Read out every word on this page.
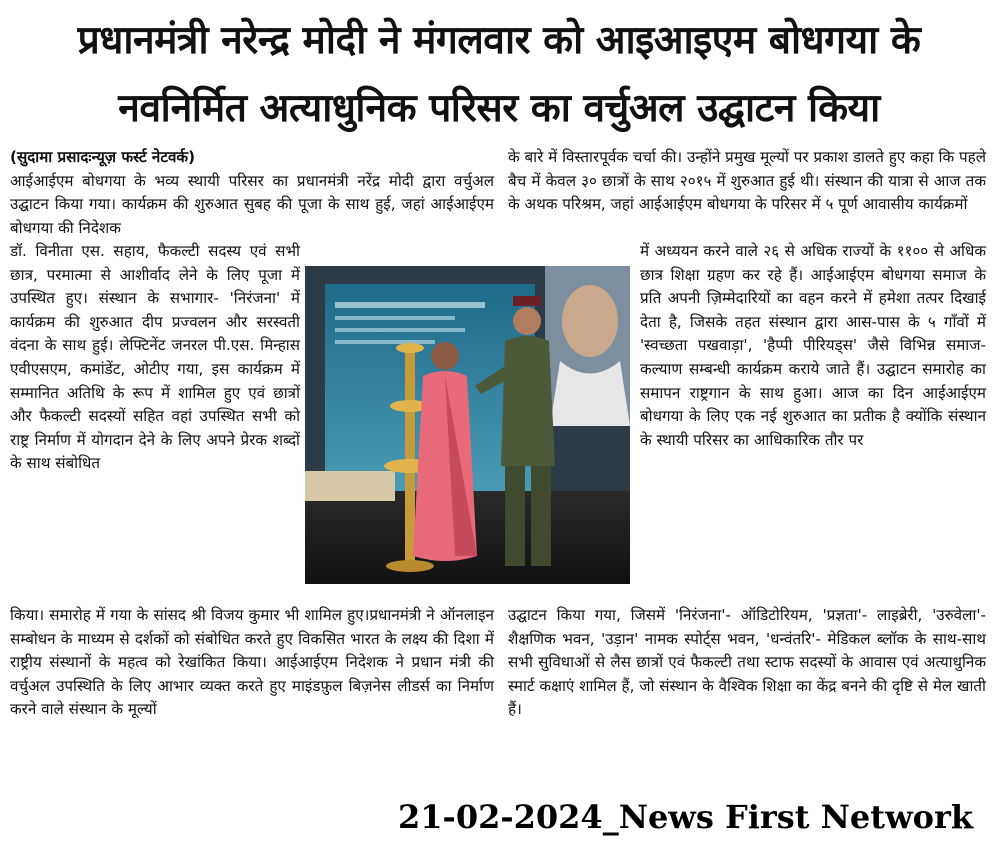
प्रधानमंत्री नरेन्द्र मोदी ने मंगलवार को आइआइएम बोधगया के
नवनिर्मित अत्याधुनिक परिसर का वर्चुअल उद्घाटन किया

(सुदामा प्रसादःन्यूज़ फर्स्ट नेटवर्क)

आईआईएम बोधगया के भव्य स्थायी परिसर का प्रधानमंत्री नरेंद्र मोदी द्वारा वर्चुअल उद्घाटन किया गया। कार्यक्रम की शुरुआत सुबह की पूजा के साथ हुई, जहां आईआईएम बोधगया की निदेशक

डॉ. विनीता एस. सहाय, फैकल्टी सदस्य एवं सभी छात्र, परमात्मा से आशीर्वाद लेने के लिए पूजा में उपस्थित हुए। संस्थान के सभागार- 'निरंजना' में कार्यक्रम की शुरुआत दीप प्रज्वलन और सरस्वती वंदना के साथ हुई। लेफ्टिनेंट जनरल पी.एस. मिन्हास एवीएसएम, कमांडेंट, ओटीए गया, इस कार्यक्रम में सम्मानित अतिथि के रूप में शामिल हुए एवं छात्रों और फैकल्टी सदस्यों सहित वहां उपस्थित सभी को राष्ट्र निर्माण में योगदान देने के लिए अपने प्रेरक शब्दों के साथ संबोधित

किया। समारोह में गया के सांसद श्री विजय कुमार भी शामिल हुए।प्रधानमंत्री ने ऑनलाइन सम्बोधन के माध्यम से दर्शकों को संबोधित करते हुए विकसित भारत के लक्ष्य की दिशा में राष्ट्रीय संस्थानों के महत्व को रेखांकित किया। आईआईएम निदेशक ने प्रधान मंत्री की वर्चुअल उपस्थिति के लिए आभार व्यक्त करते हुए माइंडफ़ुल बिज़नेस लीडर्स का निर्माण करने वाले संस्थान के मूल्यों

के बारे में विस्तारपूर्वक चर्चा की। उन्होंने प्रमुख मूल्यों पर प्रकाश डालते हुए कहा कि पहले बैच में केवल ३० छात्रों के साथ २०१५ में शुरुआत हुई थी। संस्थान की यात्रा से आज तक के अथक परिश्रम, जहां आईआईएम बोधगया के परिसर में ५ पूर्ण आवासीय कार्यक्रमों

में अध्ययन करने वाले २६ से अधिक राज्यों के ११०० से अधिक छात्र शिक्षा ग्रहण कर रहे हैं। आईआईएम बोधगया समाज के प्रति अपनी ज़िम्मेदारियों का वहन करने में हमेशा तत्पर दिखाई देता है, जिसके तहत संस्थान द्वारा आस-पास के ५ गाँवों में 'स्वच्छता पखवाड़ा', 'हैप्पी पीरियड्स' जैसे विभिन्न समाज-कल्याण सम्बन्धी कार्यक्रम कराये जाते हैं। उद्घाटन समारोह का समापन राष्ट्रगान के साथ हुआ। आज का दिन आईआईएम बोधगया के लिए एक नई शुरुआत का प्रतीक है क्योंकि संस्थान के स्थायी परिसर का आधिकारिक तौर पर

उद्घाटन किया गया, जिसमें 'निरंजना'- ऑडिटोरियम, 'प्रज्ञता'- लाइब्रेरी, 'उरुवेला'- शैक्षणिक भवन, 'उड़ान' नामक स्पोर्ट्स भवन, 'धन्वंतरि'- मेडिकल ब्लॉक के साथ-साथ सभी सुविधाओं से लैस छात्रों एवं फैकल्टी तथा स्टाफ सदस्यों के आवास एवं अत्याधुनिक स्मार्ट कक्षाएं शामिल हैं, जो संस्थान के वैश्विक शिक्षा का केंद्र बनने की दृष्टि से मेल खाती हैं।

21-02-2024_News First Network
